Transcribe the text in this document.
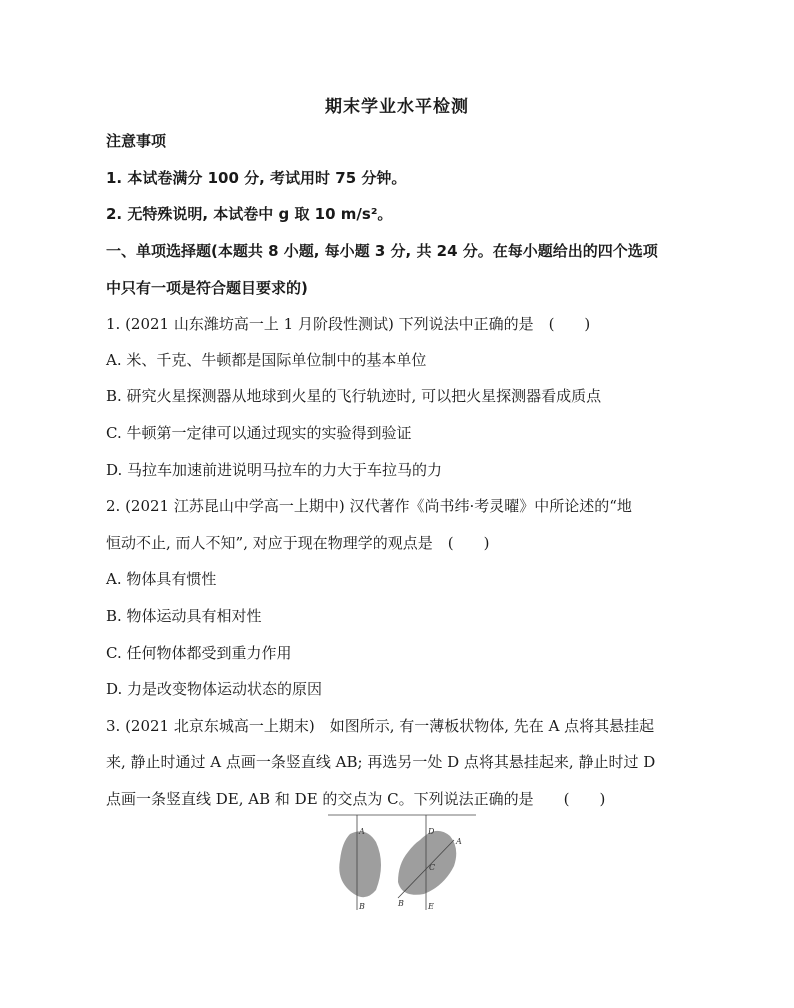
期末学业水平检测
注意事项
1. 本试卷满分 100 分, 考试用时 75 分钟。
2. 无特殊说明, 本试卷中 g 取 10 m/s²。
一、单项选择题(本题共 8 小题, 每小题 3 分, 共 24 分。在每小题给出的四个选项
中只有一项是符合题目要求的)
1. (2021 山东潍坊高一上 1 月阶段性测试) 下列说法中正确的是　(　　)
A. 米、千克、牛顿都是国际单位制中的基本单位
B. 研究火星探测器从地球到火星的飞行轨迹时, 可以把火星探测器看成质点
C. 牛顿第一定律可以通过现实的实验得到验证
D. 马拉车加速前进说明马拉车的力大于车拉马的力
2. (2021 江苏昆山中学高一上期中) 汉代著作《尚书纬·考灵曜》中所论述的“地
恒动不止, 而人不知”, 对应于现在物理学的观点是　(　　)
A. 物体具有惯性
B. 物体运动具有相对性
C. 任何物体都受到重力作用
D. 力是改变物体运动状态的原因
3. (2021 北京东城高一上期末)　如图所示, 有一薄板状物体, 先在 A 点将其悬挂起
来, 静止时通过 A 点画一条竖直线 AB; 再选另一处 D 点将其悬挂起来, 静止时过 D
点画一条竖直线 DE, AB 和 DE 的交点为 C。下列说法正确的是　　(　　)
A
B
D
A
C
B	E
